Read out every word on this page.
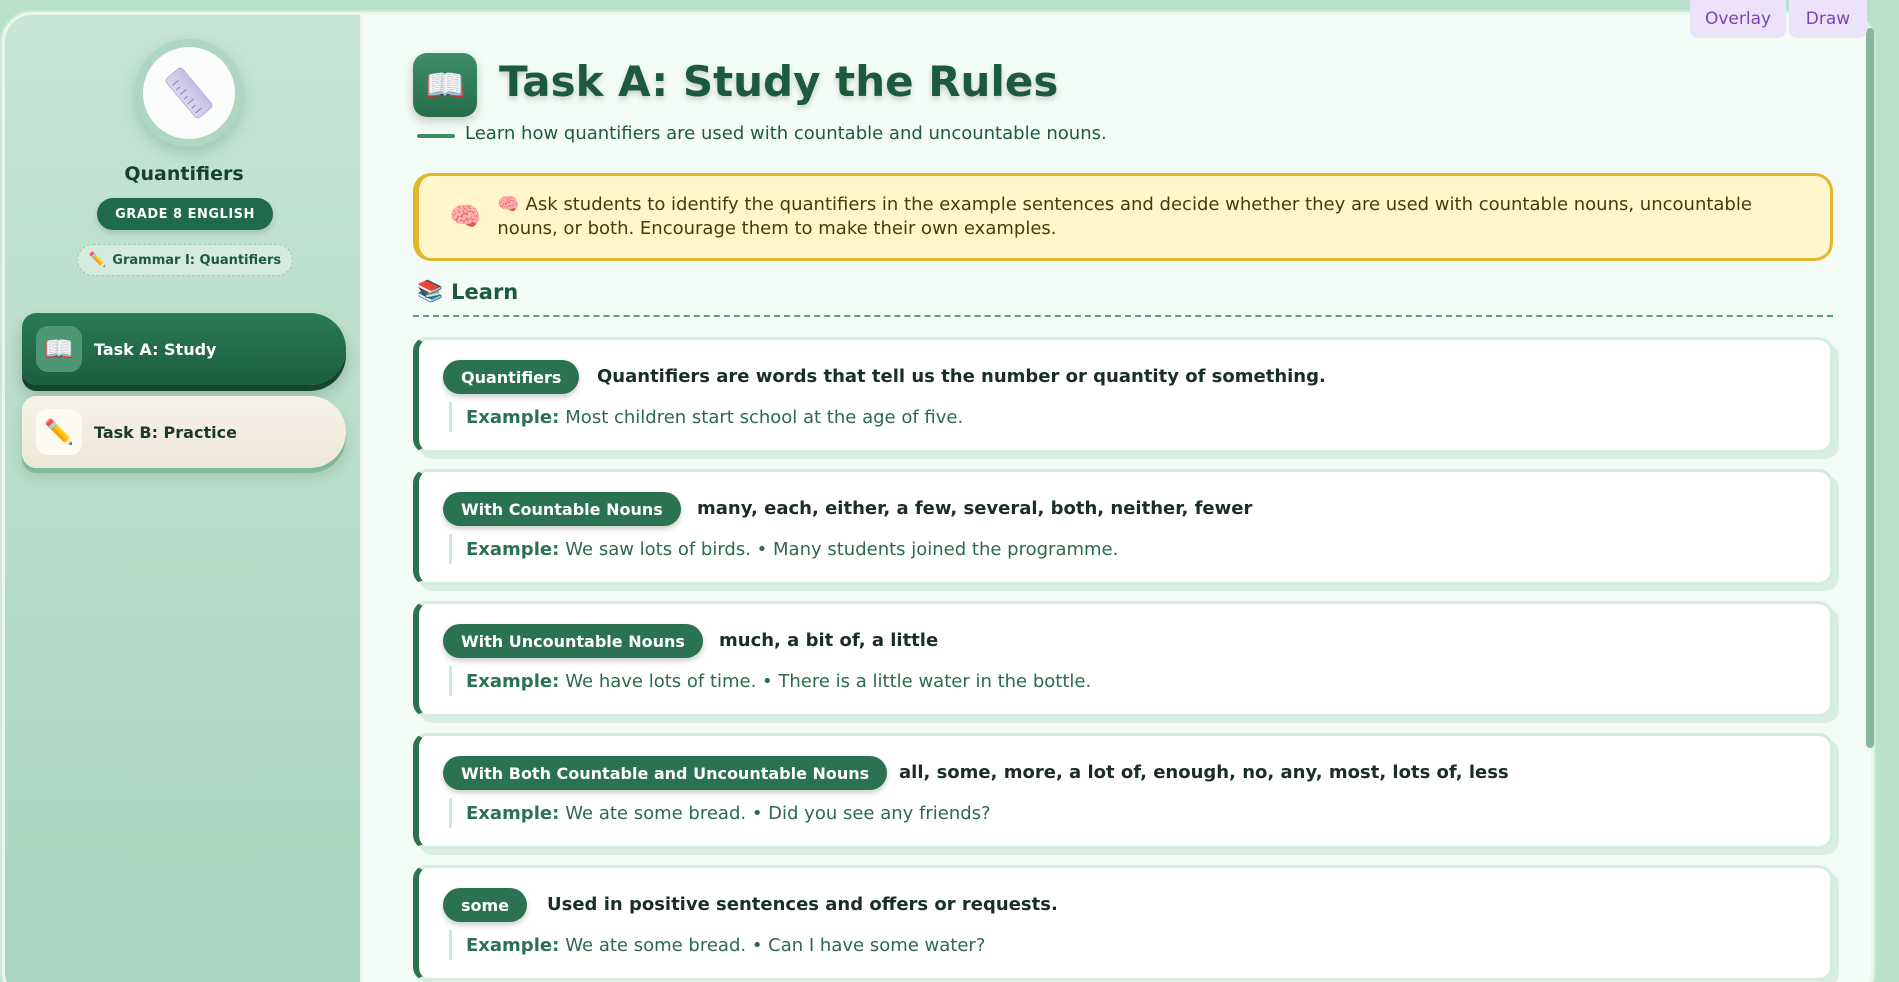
Quantifiers
GRADE 8 ENGLISH
✏️ Grammar I: Quantifiers
📖	Task A: Study
✏️	Task B: Practice
📖 Task A: Study the Rules
Learn how quantifiers are used with countable and uncountable nouns.
🧠 🧠 Ask students to identify the quantifiers in the example sentences and decide whether they are used with countable nouns, uncountable nouns, or both. Encourage them to make their own examples.
📚 Learn
Quantifiers	Quantifiers are words that tell us the number or quantity of something.
Example: Most children start school at the age of five.
With Countable Nouns	many, each, either, a few, several, both, neither, fewer
Example: We saw lots of birds. • Many students joined the programme.
With Uncountable Nouns	much, a bit of, a little
Example: We have lots of time. • There is a little water in the bottle.
With Both Countable and Uncountable Nouns	all, some, more, a lot of, enough, no, any, most, lots of, less
Example: We ate some bread. • Did you see any friends?
some	Used in positive sentences and offers or requests.
Example: We ate some bread. • Can I have some water?
Overlay	Draw
